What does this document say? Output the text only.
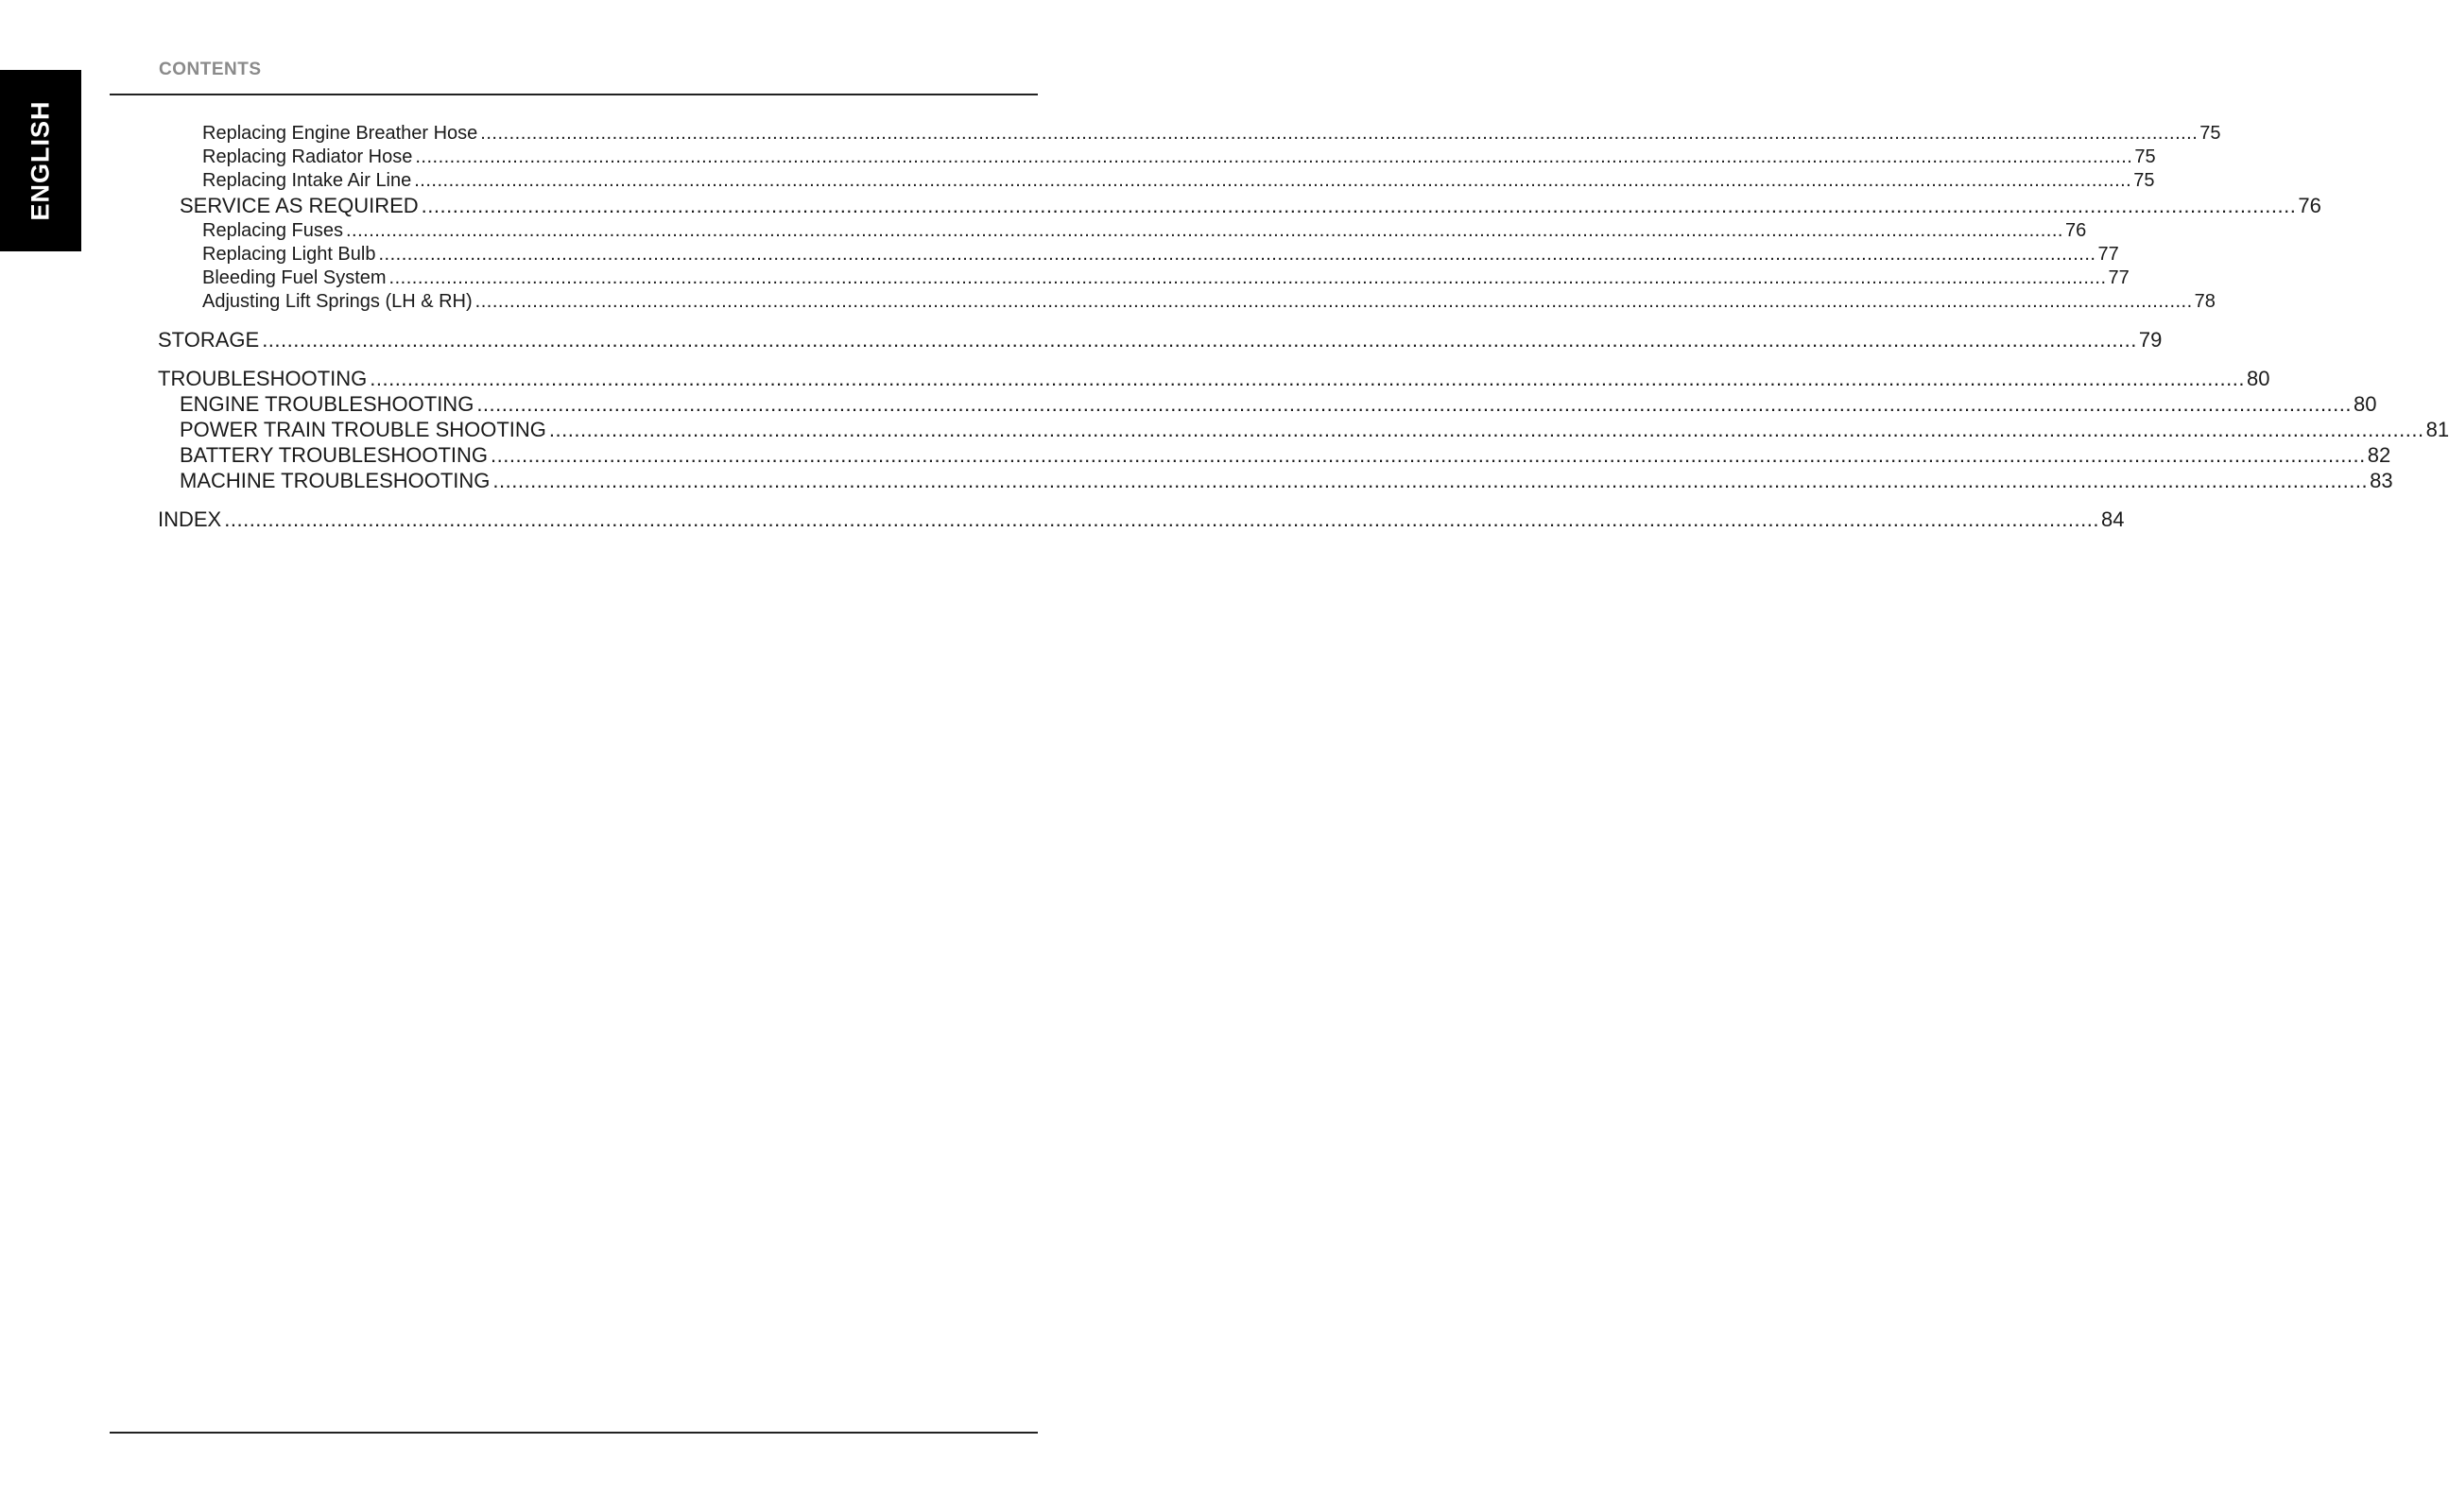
ENGLISH
CONTENTS
Replacing Engine Breather Hose ............................................................................................................................................................................................................................................................................................................ 75
Replacing Radiator Hose ............................................................................................................................................................................................................................................................................................................ 75
Replacing Intake Air Line ............................................................................................................................................................................................................................................................................................................ 75
SERVICE AS REQUIRED ............................................................................................................................................................................................................................................................................................................ 76
Replacing Fuses ............................................................................................................................................................................................................................................................................................................ 76
Replacing Light Bulb ............................................................................................................................................................................................................................................................................................................ 77
Bleeding Fuel System ............................................................................................................................................................................................................................................................................................................ 77
Adjusting Lift Springs (LH & RH) ............................................................................................................................................................................................................................................................................................................ 78
STORAGE ............................................................................................................................................................................................................................................................................................................ 79
TROUBLESHOOTING ............................................................................................................................................................................................................................................................................................................ 80
ENGINE TROUBLESHOOTING ............................................................................................................................................................................................................................................................................................................ 80
POWER TRAIN TROUBLE SHOOTING ............................................................................................................................................................................................................................................................................................................ 81
BATTERY TROUBLESHOOTING ............................................................................................................................................................................................................................................................................................................ 82
MACHINE TROUBLESHOOTING ............................................................................................................................................................................................................................................................................................................ 83
INDEX ............................................................................................................................................................................................................................................................................................................ 84
